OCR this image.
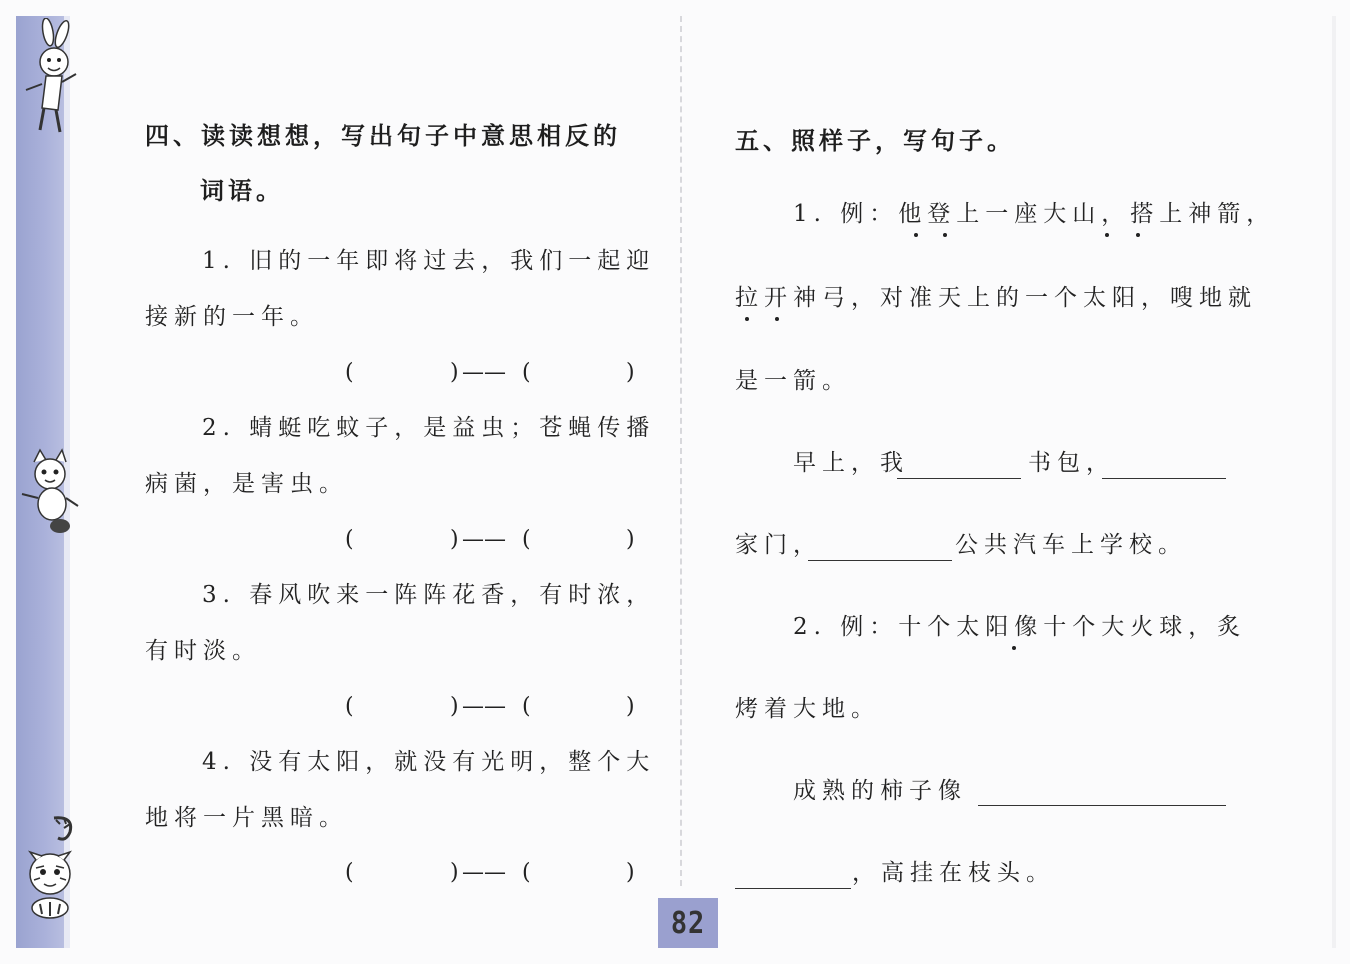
四、读读想想，写出句子中意思相反的
词语。
1. 旧的一年即将过去，我们一起迎
接新的一年。
(	) —— (	)
2. 蜻蜓吃蚊子，是益虫；苍蝇传播
病菌，是害虫。
(	) —— (	)
3. 春风吹来一阵阵花香，有时浓，
有时淡。
(	) —— (	)
4. 没有太阳，就没有光明，整个大
地将一片黑暗。
(	) —— (	)
五、照样子，写句子。
1. 例：他登上一座大山，搭上神箭，
拉开神弓，对准天上的一个太阳，嗖地就
是一箭。
早上，我	书包，
家门，	公共汽车上学校。
2. 例：十个太阳像十个大火球，炙
烤着大地。
成熟的柿子像
，高挂在枝头。
82
